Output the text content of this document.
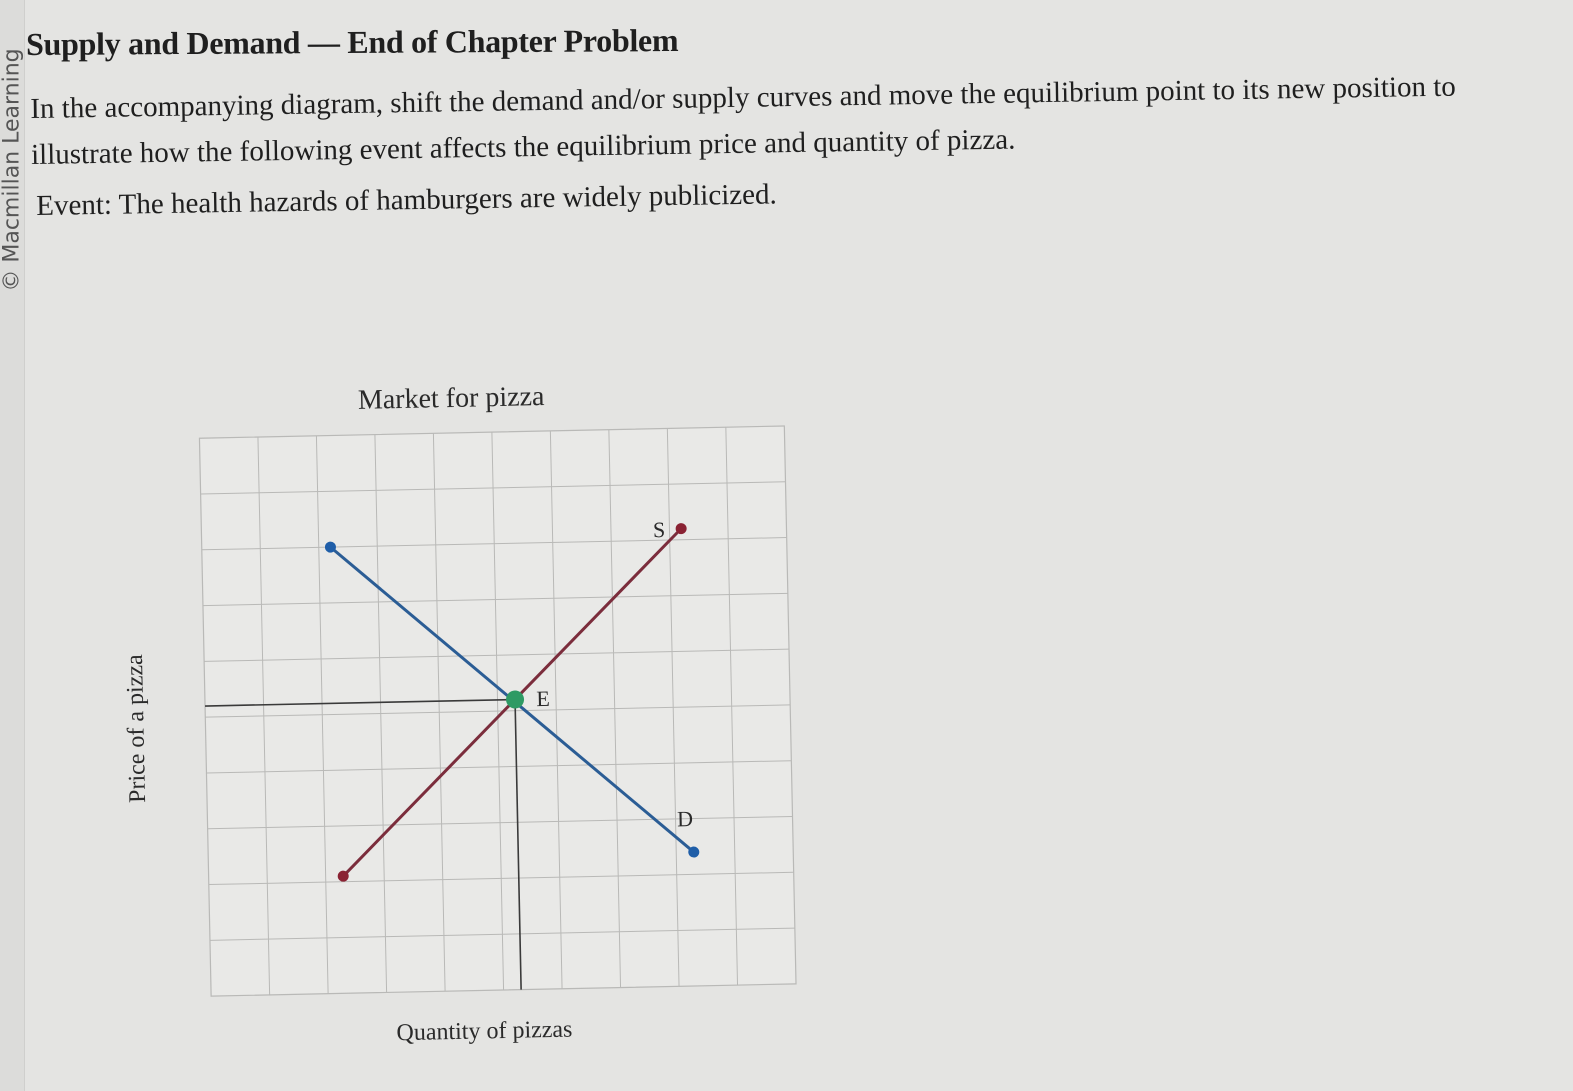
© Macmillan Learning
Supply and Demand — End of Chapter Problem
In the accompanying diagram, shift the demand and/or supply curves and move the equilibrium point to its new position to illustrate how the following event affects the equilibrium price and quantity of pizza.
Event: The health hazards of hamburgers are widely publicized.
Market for pizza
Quantity of pizzas
Price of a pizza
D
S
E
